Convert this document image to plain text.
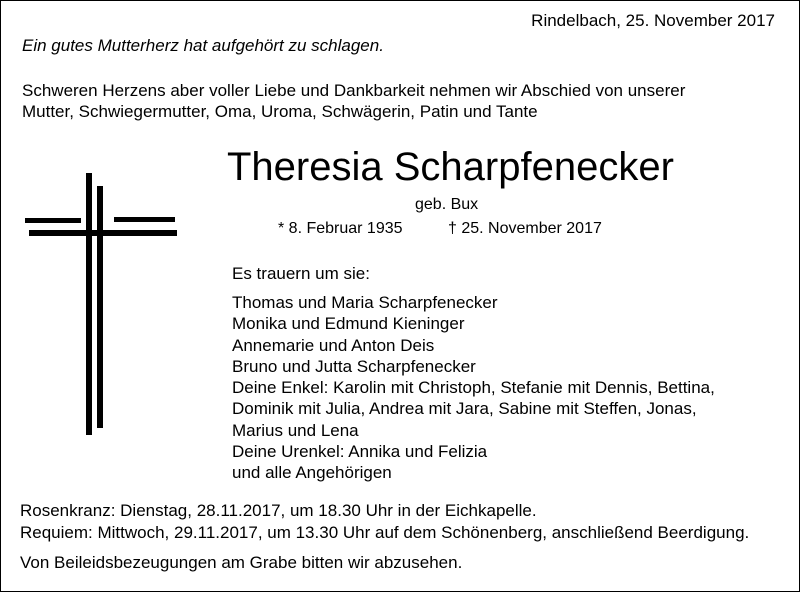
Rindelbach, 25. November 2017
Ein gutes Mutterherz hat aufgehört zu schlagen.
Schweren Herzens aber voller Liebe und Dankbarkeit nehmen wir Abschied von unserer
Mutter, Schwiegermutter, Oma, Uroma, Schwägerin, Patin und Tante
Theresia Scharpfenecker
geb. Bux
* 8. Februar 1935	† 25. November 2017
Es trauern um sie:
Thomas und Maria Scharpfenecker
Monika und Edmund Kieninger
Annemarie und Anton Deis
Bruno und Jutta Scharpfenecker
Deine Enkel: Karolin mit Christoph, Stefanie mit Dennis, Bettina,
Dominik mit Julia, Andrea mit Jara, Sabine mit Steffen, Jonas,
Marius und Lena
Deine Urenkel: Annika und Felizia
und alle Angehörigen
Rosenkranz: Dienstag, 28.11.2017, um 18.30 Uhr in der Eichkapelle.
Requiem: Mittwoch, 29.11.2017, um 13.30 Uhr auf dem Schönenberg, anschließend Beerdigung.
Von Beileidsbezeugungen am Grabe bitten wir abzusehen.
